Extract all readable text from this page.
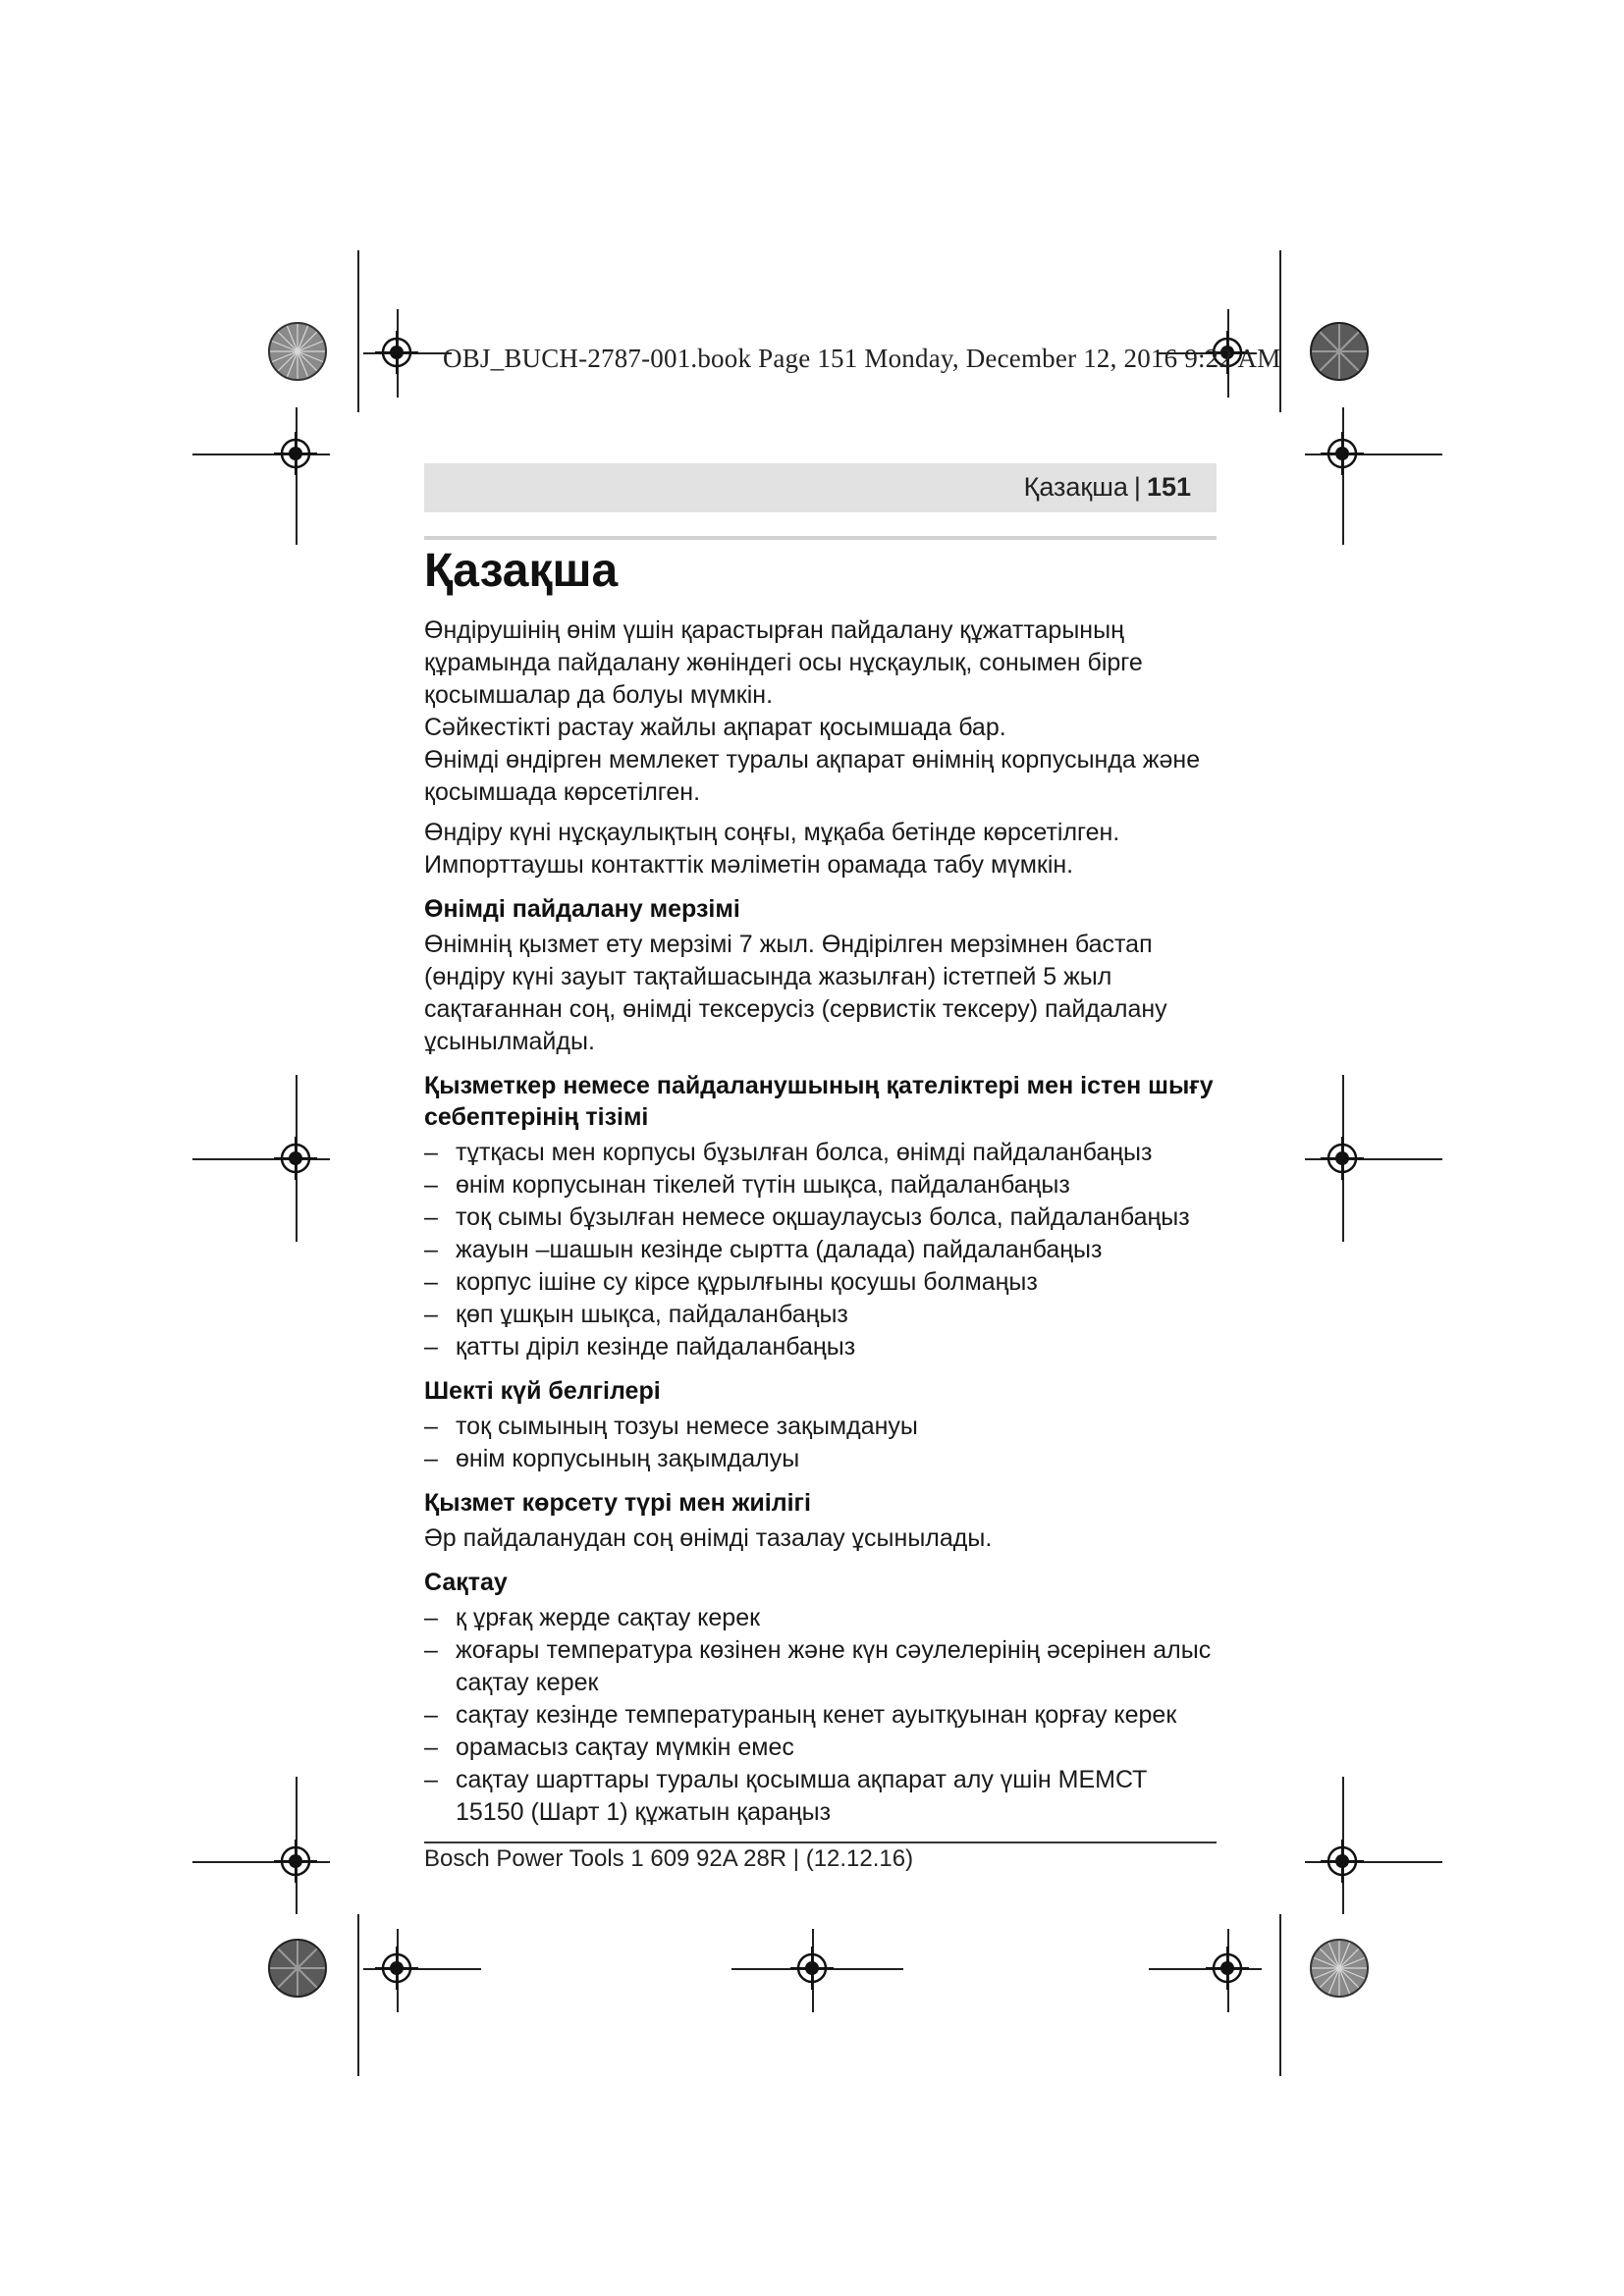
OBJ_BUCH-2787-001.book Page 151 Monday, December 12, 2016 9:22 AM
Қазақша | 151
Қазақша

Өндірушінің өнім үшін қарастырған пайдалану құжаттарының құрамында пайдалану жөніндегі осы нұсқаулық, сонымен бірге қосымшалар да болуы мүмкін.

Сәйкестікті растау жайлы ақпарат қосымшада бар.

Өнімді өндірген мемлекет туралы ақпарат өнімнің корпусында және қосымшада көрсетілген.

Өндіру күні нұсқаулықтың соңғы, мұқаба бетінде көрсетілген.

Импорттаушы контакттік мәліметін орамада табу мүмкін.

Өнімді пайдалану мерзімі

Өнімнің қызмет ету мерзімі 7 жыл. Өндірілген мерзімнен бастап (өндіру күні зауыт тақтайшасында жазылған) істетпей 5 жыл сақтағаннан соң, өнімді тексерусіз (сервистік тексеру) пайдалану ұсынылмайды.

Қызметкер немесе пайдаланушының қателіктері мен істен шығу себептерінің тізімі
– тұтқасы мен корпусы бұзылған болса, өнімді пайдаланбаңыз
– өнім корпусынан тікелей түтін шықса, пайдаланбаңыз
– тоқ сымы бұзылған немесе оқшаулаусыз болса, пайдаланбаңыз
– жауын –шашын кезінде сыртта (далада) пайдаланбаңыз
– корпус ішіне су кірсе құрылғыны қосушы болмаңыз
– қөп ұшқын шықса, пайдаланбаңыз
– қатты діріл кезінде пайдаланбаңыз
Шекті күй белгілері
– тоқ сымының тозуы немесе зақымдануы
– өнім корпусының зақымдалуы
Қызмет көрсету түрі мен жиілігі

Әр пайдаланудан соң өнімді тазалау ұсынылады.

Сақтау
– қ ұрғақ жерде сақтау керек
– жоғары температура көзінен және күн сәулелерінің әсерінен алыс сақтау керек
– сақтау кезінде температураның кенет ауытқуынан қорғау керек
– орамасыз сақтау мүмкін емес
– сақтау шарттары туралы қосымша ақпарат алу үшін МЕМСТ 15150 (Шарт 1) құжатын қараңыз
Bosch Power Tools 1 609 92A 28R | (12.12.16)
